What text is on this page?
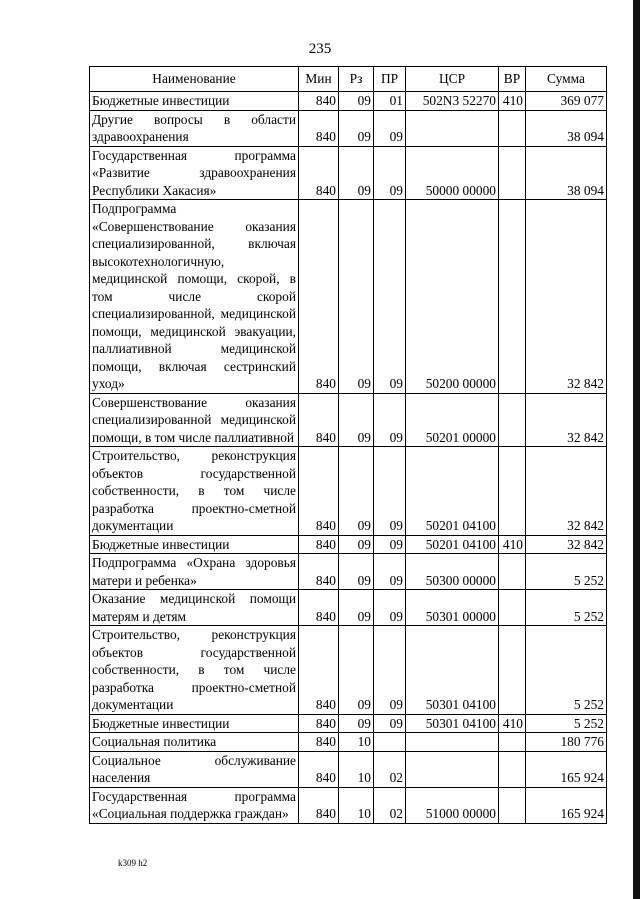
235
Наименование	Мин	Рз	ПР	ЦСР	ВР	Сумма
Бюджетные инвестиции	840	09	01	502N3 52270	410	369 077
Другие вопросы в области здравоохранения	840	09	09			38 094
Государственная программа «Развитие здравоохранения Республики Хакасия»	840	09	09	50000 00000		38 094
Подпрограмма «Совершенствование оказания специализированной, включая высокотехнологичную, медицинской помощи, скорой, в том числе скорой специализированной, медицинской помощи, медицинской эвакуации, паллиативной медицинской помощи, включая сестринский уход»	840	09	09	50200 00000		32 842
Совершенствование оказания специализированной медицинской помощи, в том числе паллиативной	840	09	09	50201 00000		32 842
Строительство, реконструкция объектов государственной собственности, в том числе разработка проектно-сметной документации	840	09	09	50201 04100		32 842
Бюджетные инвестиции	840	09	09	50201 04100	410	32 842
Подпрограмма «Охрана здоровья матери и ребенка»	840	09	09	50300 00000		5 252
Оказание медицинской помощи матерям и детям	840	09	09	50301 00000		5 252
Строительство, реконструкция объектов государственной собственности, в том числе разработка проектно-сметной документации	840	09	09	50301 04100		5 252
Бюджетные инвестиции	840	09	09	50301 04100	410	5 252
Социальная политика	840	10				180 776
Социальное обслуживание населения	840	10	02			165 924
Государственная программа «Социальная поддержка граждан»	840	10	02	51000 00000		165 924
k309 h2
